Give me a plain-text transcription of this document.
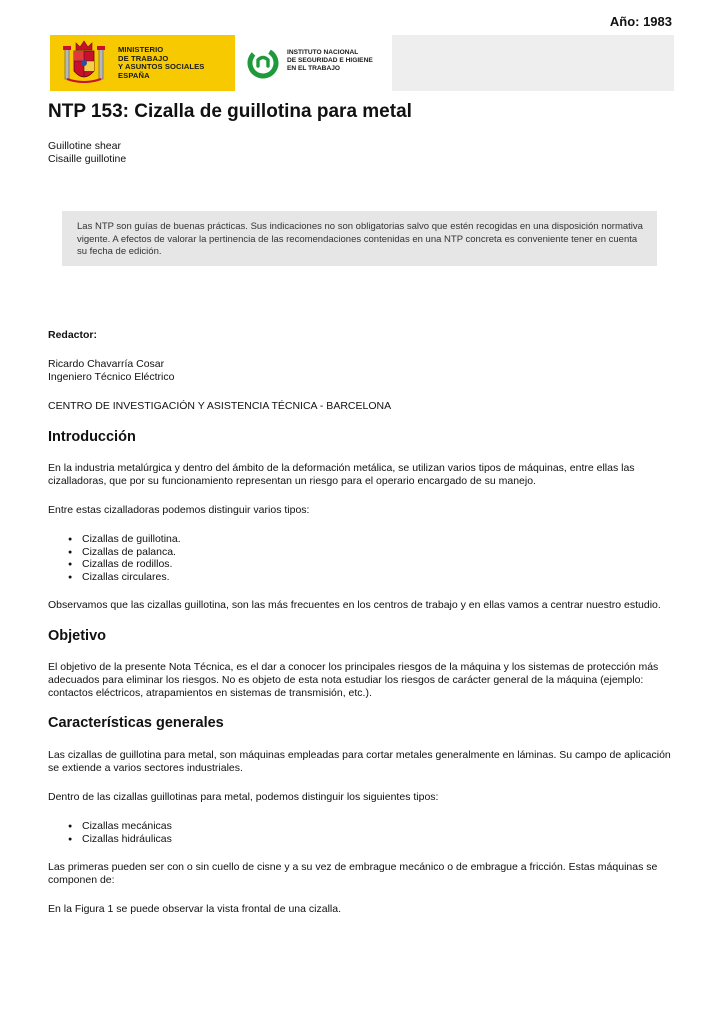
Año: 1983
MINISTERIO
DE TRABAJO
Y ASUNTOS SOCIALES
ESPAÑA
INSTITUTO NACIONAL
DE SEGURIDAD E HIGIENE
EN EL TRABAJO
NTP 153: Cizalla de guillotina para metal
Guillotine shear
Cisaille guillotine

Las NTP son guías de buenas prácticas. Sus indicaciones no son obligatorias salvo que estén recogidas en una disposición normativa vigente. A efectos de valorar la pertinencia de las recomendaciones contenidas en una NTP concreta es conveniente tener en cuenta su fecha de edición.

Redactor:
Ricardo Chavarría Cosar
Ingeniero Técnico Eléctrico
CENTRO DE INVESTIGACIÓN Y ASISTENCIA TÉCNICA - BARCELONA
Introducción
En la industria metalúrgica y dentro del ámbito de la deformación metálica, se utilizan varios tipos de máquinas, entre ellas las cizalladoras, que por su funcionamiento representan un riesgo para el operario encargado de su manejo.
Entre estas cizalladoras podemos distinguir varios tipos:
● Cizallas de guillotina.
● Cizallas de palanca.
● Cizallas de rodillos.
● Cizallas circulares.
Observamos que las cizallas guillotina, son las más frecuentes en los centros de trabajo y en ellas vamos a centrar nuestro estudio.
Objetivo
El objetivo de la presente Nota Técnica, es el dar a conocer los principales riesgos de la máquina y los sistemas de protección más adecuados para eliminar los riesgos. No es objeto de esta nota estudiar los riesgos de carácter general de la máquina (ejemplo: contactos eléctricos, atrapamientos en sistemas de transmisión, etc.).
Características generales
Las cizallas de guillotina para metal, son máquinas empleadas para cortar metales generalmente en láminas. Su campo de aplicación se extiende a varios sectores industriales.
Dentro de las cizallas guillotinas para metal, podemos distinguir los siguientes tipos:
● Cizallas mecánicas
● Cizallas hidráulicas
Las primeras pueden ser con o sin cuello de cisne y a su vez de embrague mecánico o de embrague a fricción. Estas máquinas se componen de:
En la Figura 1 se puede observar la vista frontal de una cizalla.
